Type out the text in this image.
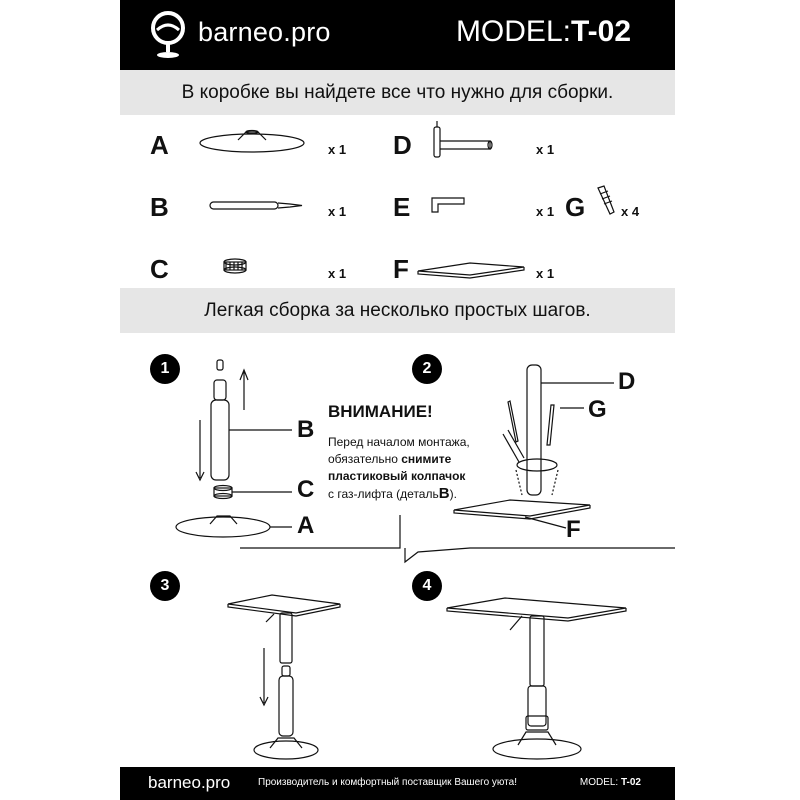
barneo.pro	MODEL:T-02
В коробке вы найдете все что нужно для сборки.
A	x 1
B	x 1
C	x 1
D	x 1
E	x 1
F	x 1
G	x 4
Легкая сборка за несколько простых шагов.
1	2
3	4
B
C
A
D
G
F
ВНИМАНИЕ!
Перед началом монтажа,
обязательно снимите
пластиковый колпачок
с газ-лифта (детальB).
barneo.pro	Производитель и комфортный поставщик Вашего уюта!	MODEL: T-02
